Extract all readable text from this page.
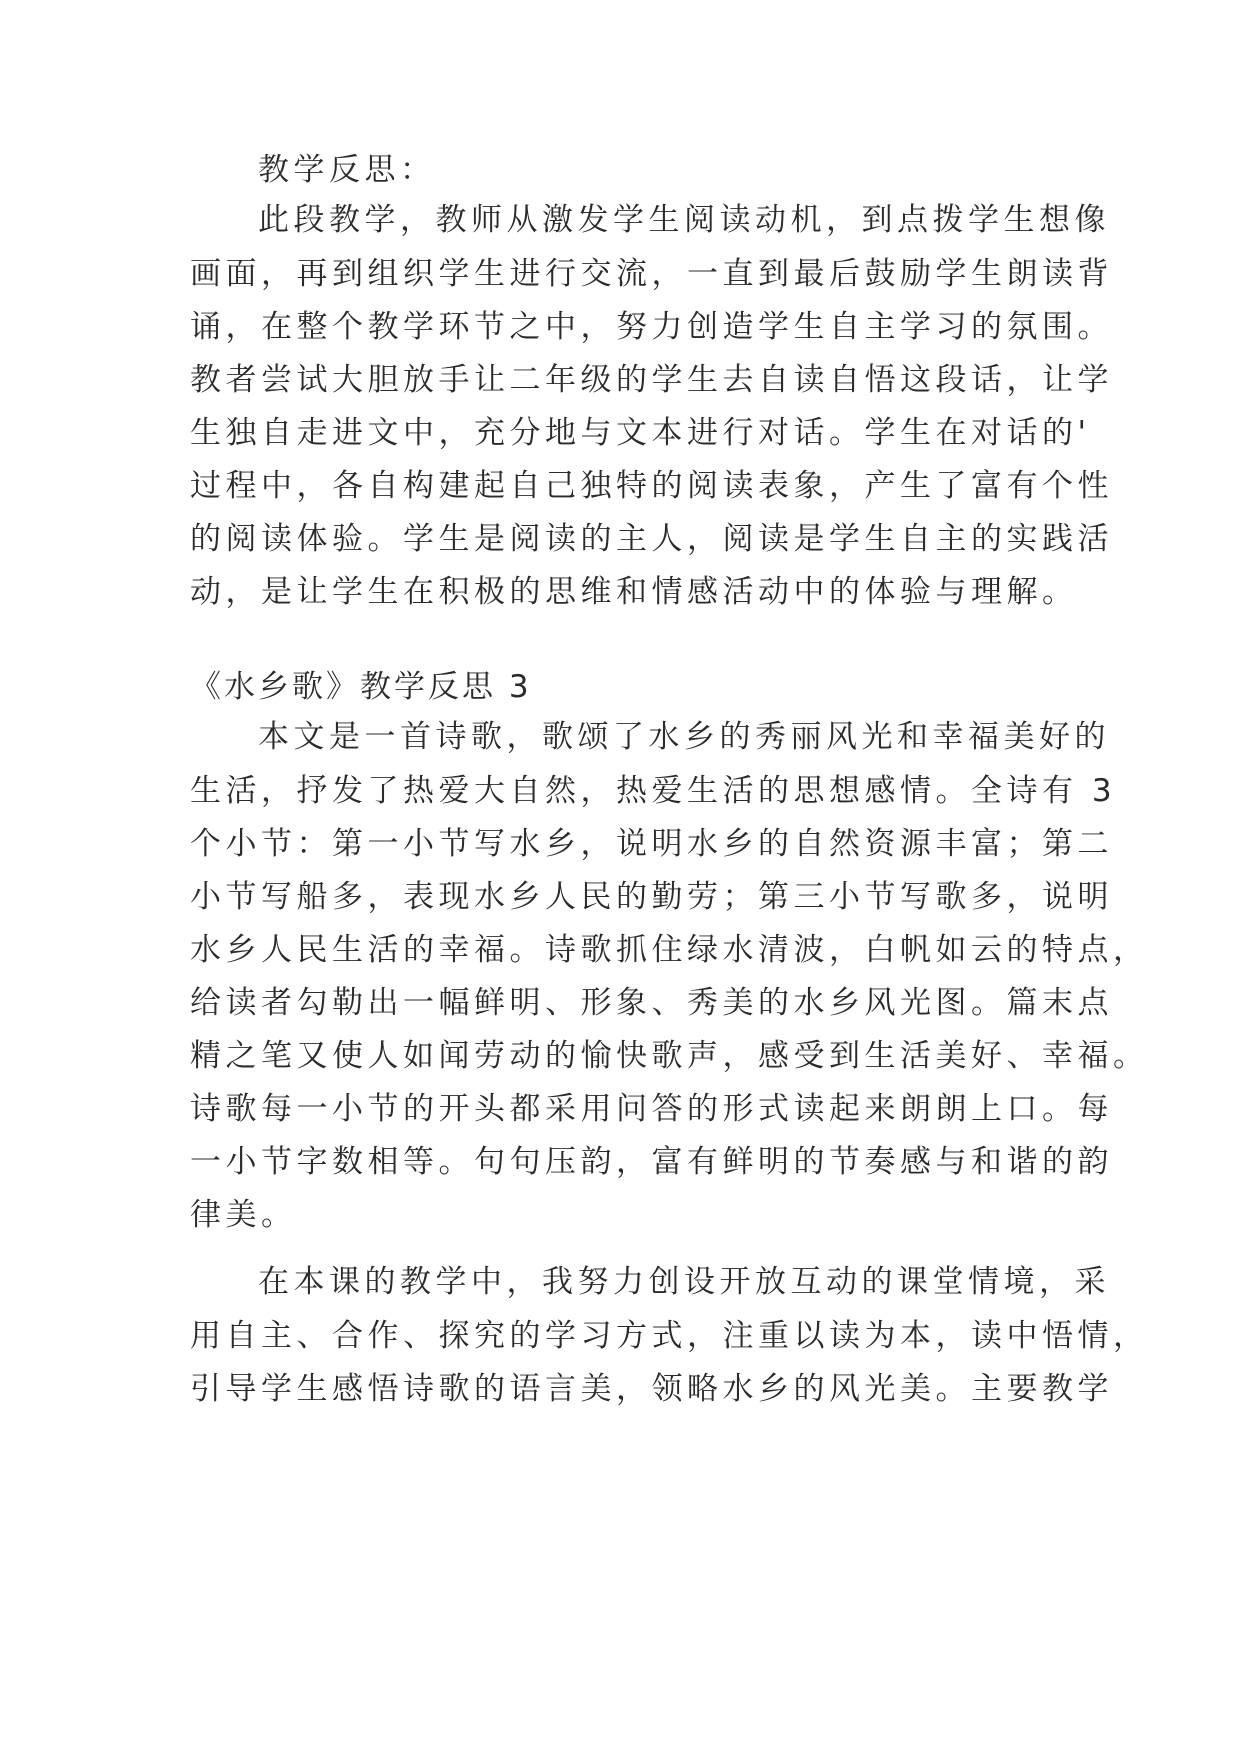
教学反思：
此段教学，教师从激发学生阅读动机，到点拨学生想像
画面，再到组织学生进行交流，一直到最后鼓励学生朗读背
诵，在整个教学环节之中，努力创造学生自主学习的氛围。
教者尝试大胆放手让二年级的学生去自读自悟这段话，让学
生独自走进文中，充分地与文本进行对话。学生在对话的'
过程中，各自构建起自己独特的阅读表象，产生了富有个性
的阅读体验。学生是阅读的主人，阅读是学生自主的实践活
动，是让学生在积极的思维和情感活动中的体验与理解。
《水乡歌》教学反思 3
本文是一首诗歌，歌颂了水乡的秀丽风光和幸福美好的
生活，抒发了热爱大自然，热爱生活的思想感情。全诗有 3
个小节：第一小节写水乡，说明水乡的自然资源丰富；第二
小节写船多，表现水乡人民的勤劳；第三小节写歌多，说明
水乡人民生活的幸福。诗歌抓住绿水清波，白帆如云的特点，
给读者勾勒出一幅鲜明、形象、秀美的水乡风光图。篇末点
精之笔又使人如闻劳动的愉快歌声，感受到生活美好、幸福。
诗歌每一小节的开头都采用问答的形式读起来朗朗上口。每
一小节字数相等。句句压韵，富有鲜明的节奏感与和谐的韵
律美。
在本课的教学中，我努力创设开放互动的课堂情境，采
用自主、合作、探究的学习方式，注重以读为本，读中悟情，
引导学生感悟诗歌的语言美，领略水乡的风光美。主要教学
